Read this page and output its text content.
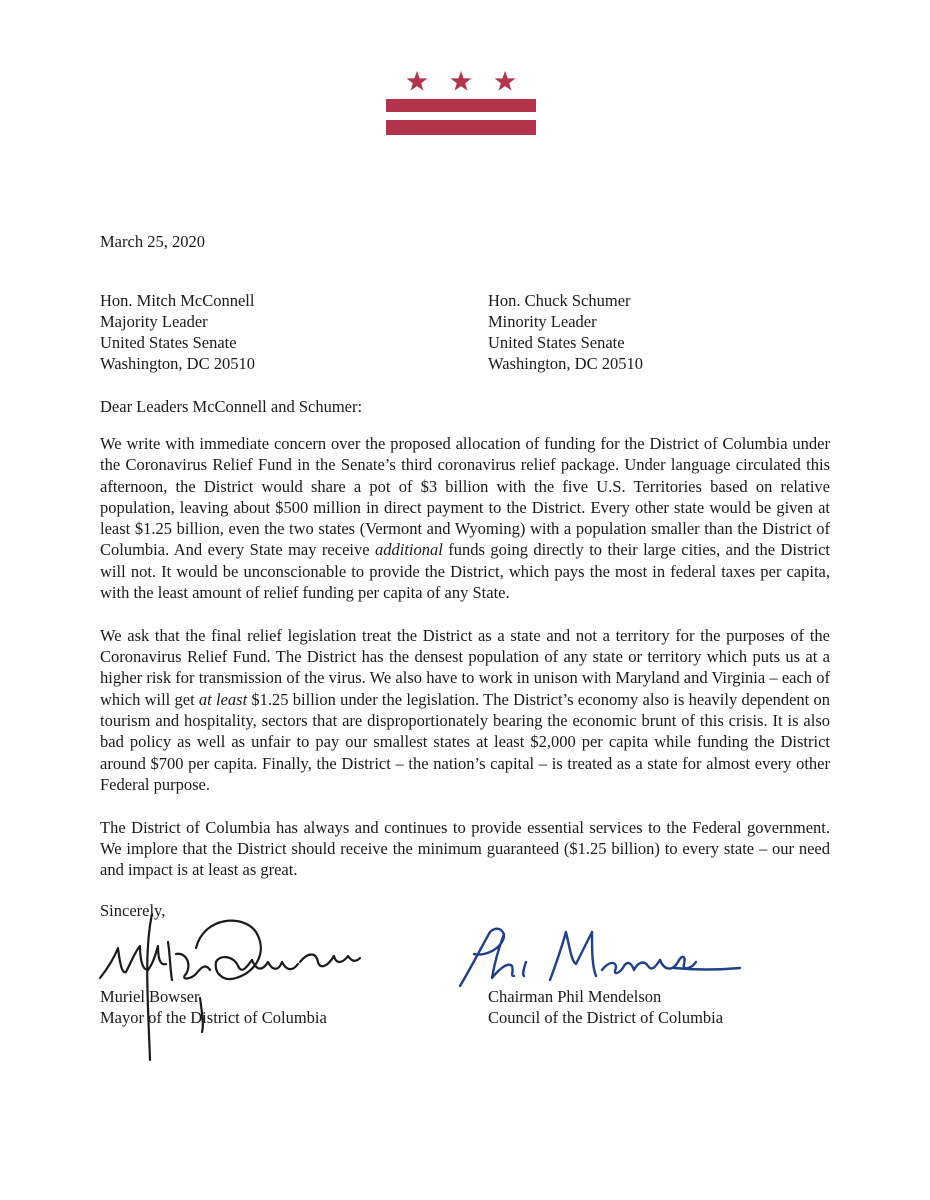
March 25, 2020
Hon. Mitch McConnell
Majority Leader
United States Senate
Washington, DC 20510
Hon. Chuck Schumer
Minority Leader
United States Senate
Washington, DC 20510
Dear Leaders McConnell and Schumer:

We write with immediate concern over the proposed allocation of funding for the District of Columbia under the Coronavirus Relief Fund in the Senate’s third coronavirus relief package. Under language circulated this afternoon, the District would share a pot of $3 billion with the five U.S. Territories based on relative population, leaving about $500 million in direct payment to the District. Every other state would be given at least $1.25 billion, even the two states (Vermont and Wyoming) with a population smaller than the District of Columbia. And every State may receive additional funds going directly to their large cities, and the District will not. It would be unconscionable to provide the District, which pays the most in federal taxes per capita, with the least amount of relief funding per capita of any State.

We ask that the final relief legislation treat the District as a state and not a territory for the purposes of the Coronavirus Relief Fund. The District has the densest population of any state or territory which puts us at a higher risk for transmission of the virus. We also have to work in unison with Maryland and Virginia – each of which will get at least $1.25 billion under the legislation. The District’s economy also is heavily dependent on tourism and hospitality, sectors that are disproportionately bearing the economic brunt of this crisis. It is also bad policy as well as unfair to pay our smallest states at least $2,000 per capita while funding the District around $700 per capita. Finally, the District – the nation’s capital – is treated as a state for almost every other Federal purpose.

The District of Columbia has always and continues to provide essential services to the Federal government. We implore that the District should receive the minimum guaranteed ($1.25 billion) to every state – our need and impact is at least as great.

Sincerely,
Muriel Bowser
Mayor of the District of Columbia
Chairman Phil Mendelson
Council of the District of Columbia
